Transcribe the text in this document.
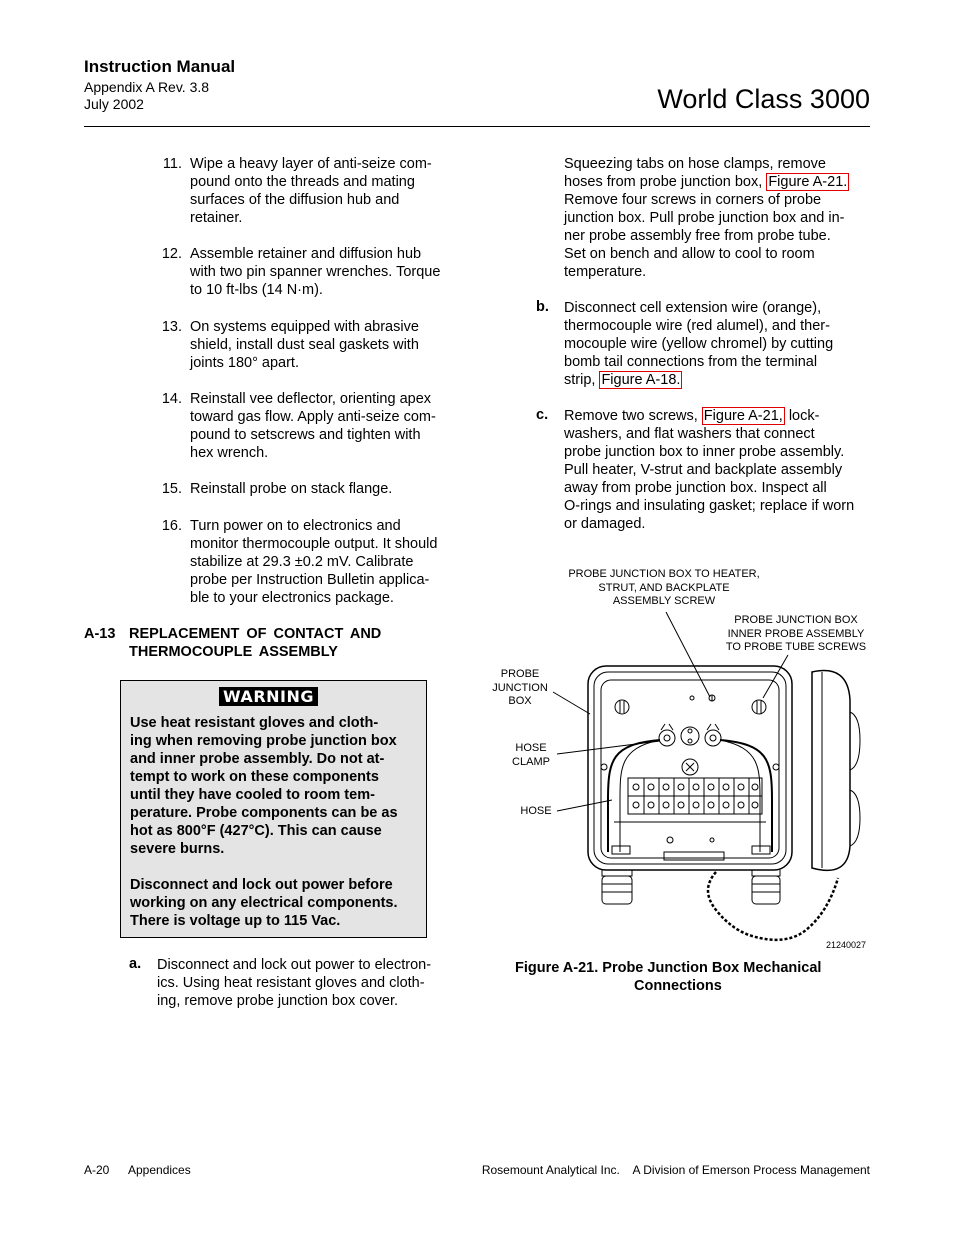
Instruction Manual
Appendix A Rev. 3.8
July 2002	World Class 3000
11. Wipe a heavy layer of anti-seize com-
pound onto the threads and mating
surfaces of the diffusion hub and
retainer.
12. Assemble retainer and diffusion hub
with two pin spanner wrenches. Torque
to 10 ft-lbs (14 N·m).
13. On systems equipped with abrasive
shield, install dust seal gaskets with
joints 180° apart.
14. Reinstall vee deflector, orienting apex
toward gas flow. Apply anti-seize com-
pound to setscrews and tighten with
hex wrench.
15. Reinstall probe on stack flange.
16. Turn power on to electronics and
monitor thermocouple output. It should
stabilize at 29.3 ±0.2 mV. Calibrate
probe per Instruction Bulletin applica-
ble to your electronics package.
A-13 REPLACEMENT OF CONTACT AND
THERMOCOUPLE ASSEMBLY
WARNING
Use heat resistant gloves and cloth-
ing when removing probe junction box
and inner probe assembly. Do not at-
tempt to work on these components
until they have cooled to room tem-
perature. Probe components can be as
hot as 800°F (427°C). This can cause
severe burns.
Disconnect and lock out power before
working on any electrical components.
There is voltage up to 115 Vac.
a. Disconnect and lock out power to electron-
ics. Using heat resistant gloves and cloth-
ing, remove probe junction box cover.
Squeezing tabs on hose clamps, remove
hoses from probe junction box, Figure A-21.
Remove four screws in corners of probe
junction box. Pull probe junction box and in-
ner probe assembly free from probe tube.
Set on bench and allow to cool to room
temperature.
b. Disconnect cell extension wire (orange),
thermocouple wire (red alumel), and ther-
mocouple wire (yellow chromel) by cutting
bomb tail connections from the terminal
strip, Figure A-18.
c. Remove two screws, Figure A-21, lock-
washers, and flat washers that connect
probe junction box to inner probe assembly.
Pull heater, V-strut and backplate assembly
away from probe junction box. Inspect all
O-rings and insulating gasket; replace if worn
or damaged.
PROBE JUNCTION BOX TO HEATER,
STRUT, AND BACKPLATE
ASSEMBLY SCREW
PROBE JUNCTION BOX
INNER PROBE ASSEMBLY
TO PROBE TUBE SCREWS
PROBE
JUNCTION
BOX
HOSE
CLAMP
HOSE
21240027
Figure A-21. Probe Junction Box Mechanical
Connections
A-20 Appendices	Rosemount Analytical Inc.    A Division of Emerson Process Management
